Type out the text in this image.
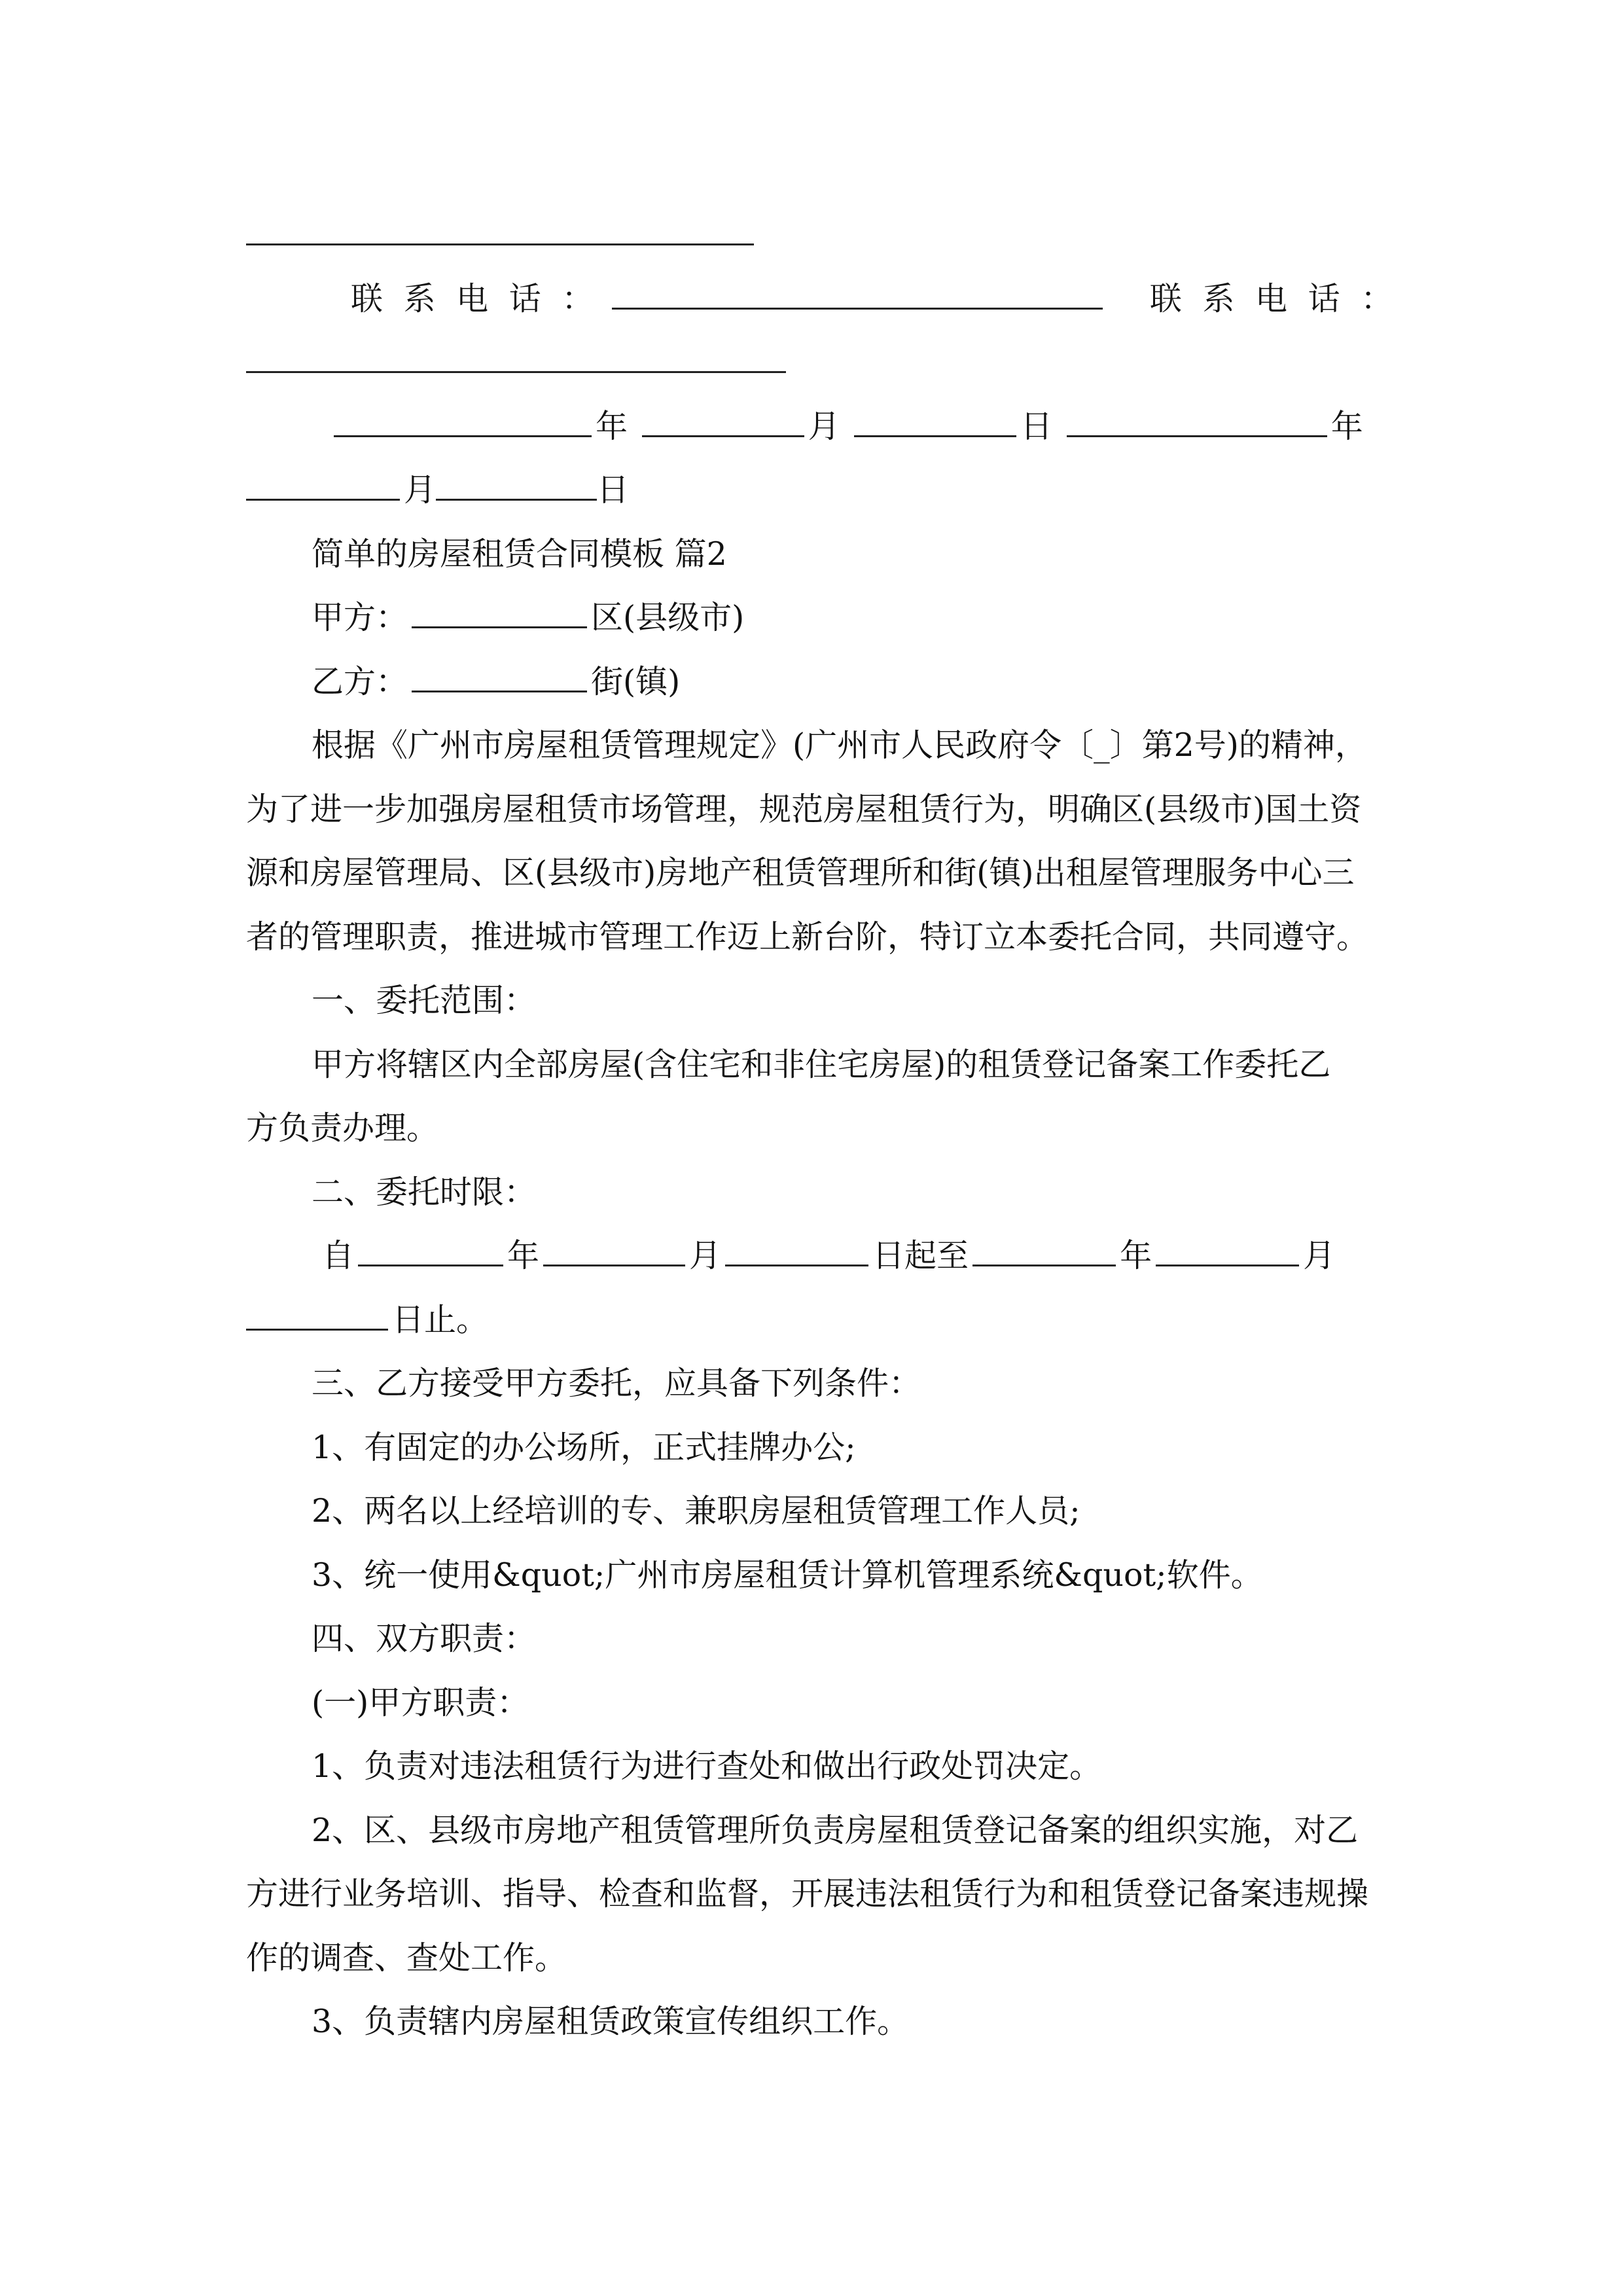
联 系 电 话 ：	联 系 电 话 ：
年	月	日	年
月	日
简单的房屋租赁合同模板 篇2
甲方：	区(县级市)
乙方：	街(镇)
根据《广州市房屋租赁管理规定》(广州市人民政府令〔_〕第2号)的精神，
为了进一步加强房屋租赁市场管理，规范房屋租赁行为，明确区(县级市)国土资
源和房屋管理局、区(县级市)房地产租赁管理所和街(镇)出租屋管理服务中心三
者的管理职责，推进城市管理工作迈上新台阶，特订立本委托合同，共同遵守。
一、委托范围：
甲方将辖区内全部房屋(含住宅和非住宅房屋)的租赁登记备案工作委托乙
方负责办理。
二、委托时限：
自	年	月	日起至	年	月
日止。
三、乙方接受甲方委托，应具备下列条件：
1、有固定的办公场所，正式挂牌办公;
2、两名以上经培训的专、兼职房屋租赁管理工作人员;
3、统一使用&quot;广州市房屋租赁计算机管理系统&quot;软件。
四、双方职责：
(一)甲方职责：
1、负责对违法租赁行为进行查处和做出行政处罚决定。
2、区、县级市房地产租赁管理所负责房屋租赁登记备案的组织实施，对乙
方进行业务培训、指导、检查和监督，开展违法租赁行为和租赁登记备案违规操
作的调查、查处工作。
3、负责辖内房屋租赁政策宣传组织工作。
